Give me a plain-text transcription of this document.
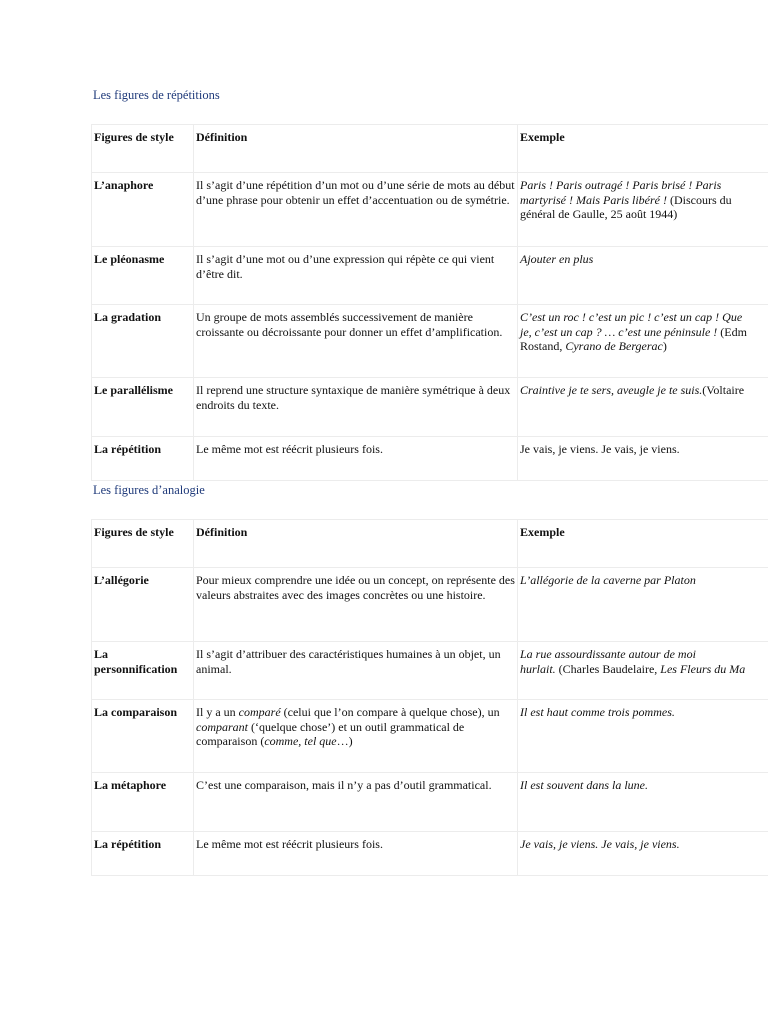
Les figures de répétitions
Figures de style	Définition	Exemple
L’anaphore	Il s’agit d’une répétition d’un mot ou d’une série de mots au début d’une phrase pour obtenir un effet d’accentuation ou de symétrie.	Paris ! Paris outragé ! Paris brisé ! Paris
martyrisé ! Mais Paris libéré ! (Discours du
général de Gaulle, 25 août 1944)
Le pléonasme	Il s’agit d’une mot ou d’une expression qui répète ce qui vient d’être dit.	Ajouter en plus
La gradation	Un groupe de mots assemblés successivement de manière croissante ou décroissante pour donner un effet d’amplification.	C’est un roc ! c’est un pic ! c’est un cap ! Que
je, c’est un cap ? … c’est une péninsule ! (Edm
Rostand, Cyrano de Bergerac)
Le parallélisme	Il reprend une structure syntaxique de manière symétrique à deux endroits du texte.	Craintive je te sers, aveugle je te suis.(Voltaire
La répétition	Le même mot est réécrit plusieurs fois.	Je vais, je viens. Je vais, je viens.
Les figures d’analogie
Figures de style	Définition	Exemple
L’allégorie	Pour mieux comprendre une idée ou un concept, on représente des valeurs abstraites avec des images concrètes ou une histoire.	L’allégorie de la caverne par Platon
La
personnification	Il s’agit d’attribuer des caractéristiques humaines à un objet, un animal.	La rue assourdissante autour de moi
hurlait. (Charles Baudelaire, Les Fleurs du Ma
La comparaison	Il y a un comparé (celui que l’on compare à quelque chose), un comparant (‘quelque chose’) et un outil grammatical de comparaison (comme, tel que…)	Il est haut comme trois pommes.
La métaphore	C’est une comparaison, mais il n’y a pas d’outil grammatical.	Il est souvent dans la lune.
La répétition	Le même mot est réécrit plusieurs fois.	Je vais, je viens. Je vais, je viens.
